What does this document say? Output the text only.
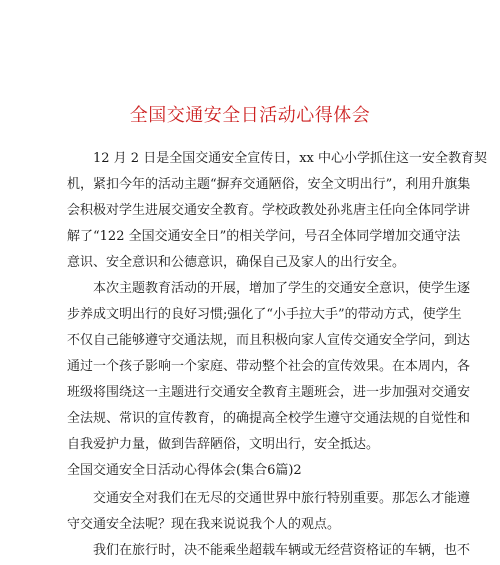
全国交通安全日活动心得体会

　　12 月 2 日是全国交通安全宣传日，xx 中心小学抓住这一安全教育契
机，紧扣今年的活动主题“摒弃交通陋俗，安全文明出行”，利用升旗集
会积极对学生进展交通安全教育。学校政教处孙兆唐主任向全体同学讲
解了“122 全国交通安全日”的相关学问，号召全体同学增加交通守法
意识、安全意识和公德意识，确保自己及家人的出行安全。

　　本次主题教育活动的开展，增加了学生的交通安全意识，使学生逐
步养成文明出行的良好习惯;强化了“小手拉大手”的带动方式，使学生
不仅自己能够遵守交通法规，而且积极向家人宣传交通安全学问，到达
通过一个孩子影响一个家庭、带动整个社会的宣传效果。在本周内，各
班级将围绕这一主题进行交通安全教育主题班会，进一步加强对交通安
全法规、常识的宣传教育，的确提高全校学生遵守交通法规的自觉性和
自我爱护力量，做到告辞陋俗，文明出行，安全抵达。

全国交通安全日活动心得体会(集合6篇)2

　　交通安全对我们在无尽的交通世界中旅行特别重要。那怎么才能遵
守交通安全法呢？现在我来说说我个人的观点。

　　我们在旅行时，决不能乘坐超载车辆或无经营资格证的车辆，也不
